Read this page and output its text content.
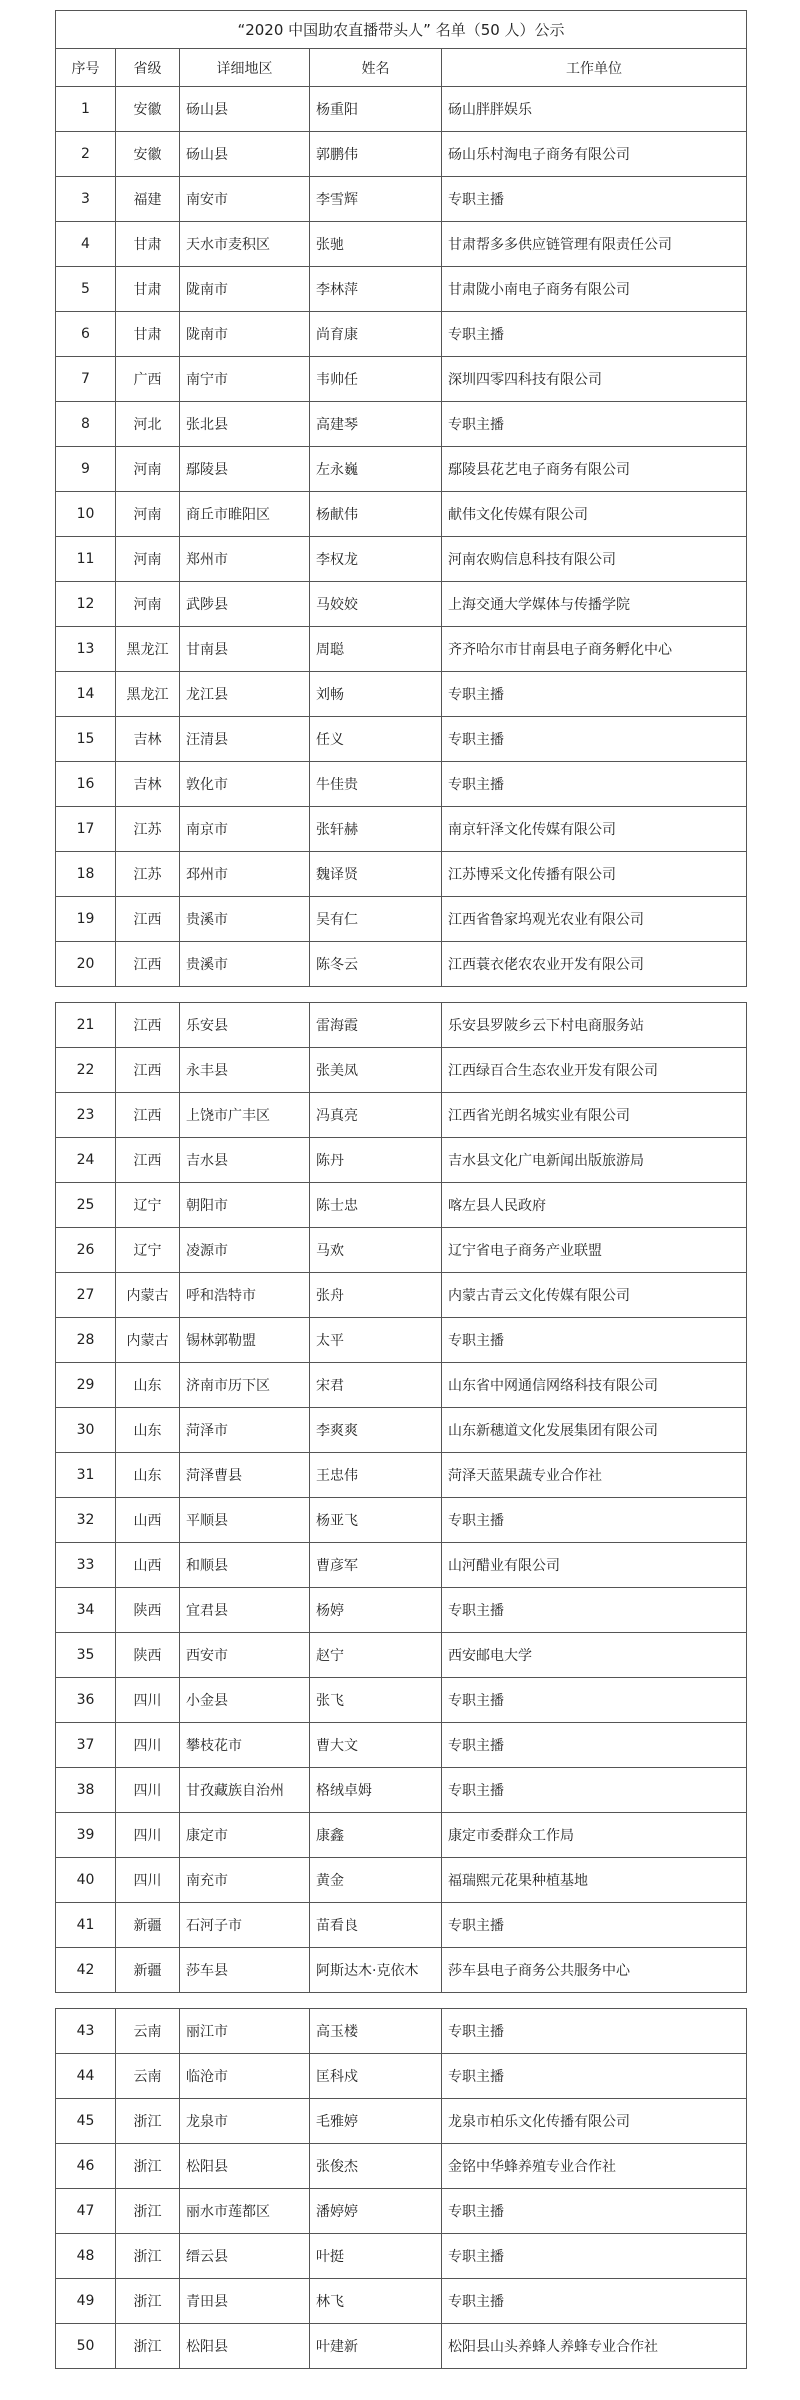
“2020 中国助农直播带头人” 名单（50 人）公示				
序号	省级	详细地区	姓名	工作单位
1	安徽	砀山县	杨重阳	砀山胖胖娱乐
2	安徽	砀山县	郭鹏伟	砀山乐村淘电子商务有限公司
3	福建	南安市	李雪辉	专职主播
4	甘肃	天水市麦积区	张驰	甘肃帮多多供应链管理有限责任公司
5	甘肃	陇南市	李林萍	甘肃陇小南电子商务有限公司
6	甘肃	陇南市	尚育康	专职主播
7	广西	南宁市	韦帅任	深圳四零四科技有限公司
8	河北	张北县	高建琴	专职主播
9	河南	鄢陵县	左永巍	鄢陵县花艺电子商务有限公司
10	河南	商丘市睢阳区	杨献伟	献伟文化传媒有限公司
11	河南	郑州市	李权龙	河南农购信息科技有限公司
12	河南	武陟县	马姣姣	上海交通大学媒体与传播学院
13	黑龙江	甘南县	周聪	齐齐哈尔市甘南县电子商务孵化中心
14	黑龙江	龙江县	刘畅	专职主播
15	吉林	汪清县	任义	专职主播
16	吉林	敦化市	牛佳贵	专职主播
17	江苏	南京市	张轩赫	南京轩泽文化传媒有限公司
18	江苏	邳州市	魏译贤	江苏博采文化传播有限公司
19	江西	贵溪市	吴有仁	江西省鲁家坞观光农业有限公司
20	江西	贵溪市	陈冬云	江西蓑衣佬农农业开发有限公司

21	江西	乐安县	雷海霞	乐安县罗陂乡云下村电商服务站
22	江西	永丰县	张美凤	江西绿百合生态农业开发有限公司
23	江西	上饶市广丰区	冯真亮	江西省光朗名城实业有限公司
24	江西	吉水县	陈丹	吉水县文化广电新闻出版旅游局
25	辽宁	朝阳市	陈士忠	喀左县人民政府
26	辽宁	凌源市	马欢	辽宁省电子商务产业联盟
27	内蒙古	呼和浩特市	张舟	内蒙古青云文化传媒有限公司
28	内蒙古	锡林郭勒盟	太平	专职主播
29	山东	济南市历下区	宋君	山东省中网通信网络科技有限公司
30	山东	菏泽市	李爽爽	山东新穗道文化发展集团有限公司
31	山东	菏泽曹县	王忠伟	菏泽天蓝果蔬专业合作社
32	山西	平顺县	杨亚飞	专职主播
33	山西	和顺县	曹彦军	山河醋业有限公司
34	陕西	宜君县	杨婷	专职主播
35	陕西	西安市	赵宁	西安邮电大学
36	四川	小金县	张飞	专职主播
37	四川	攀枝花市	曹大文	专职主播
38	四川	甘孜藏族自治州	格绒卓姆	专职主播
39	四川	康定市	康鑫	康定市委群众工作局
40	四川	南充市	黄金	福瑞熙元花果种植基地
41	新疆	石河子市	苗看良	专职主播
42	新疆	莎车县	阿斯达木·克依木	莎车县电子商务公共服务中心

43	云南	丽江市	高玉楼	专职主播
44	云南	临沧市	匡科戍	专职主播
45	浙江	龙泉市	毛雅婷	龙泉市柏乐文化传播有限公司
46	浙江	松阳县	张俊杰	金铭中华蜂养殖专业合作社
47	浙江	丽水市莲都区	潘婷婷	专职主播
48	浙江	缙云县	叶挺	专职主播
49	浙江	青田县	林飞	专职主播
50	浙江	松阳县	叶建新	松阳县山头养蜂人养蜂专业合作社
